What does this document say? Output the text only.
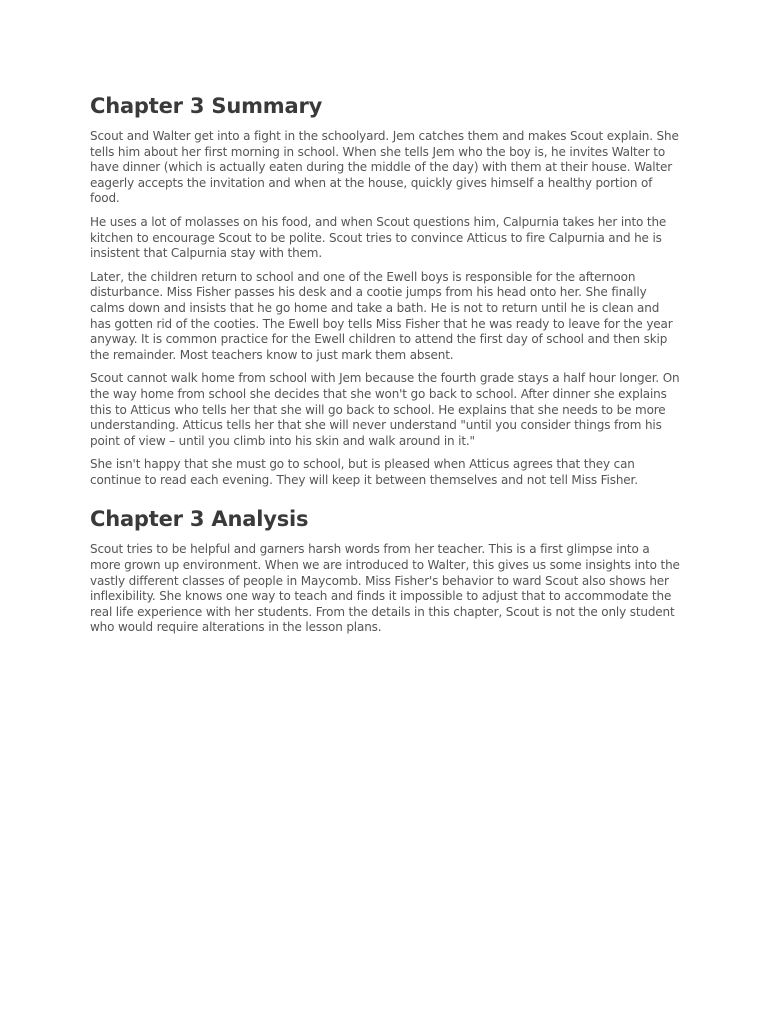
Chapter 3 Summary

Scout and Walter get into a fight in the schoolyard. Jem catches them and makes Scout explain. She tells him about her first morning in school. When she tells Jem who the boy is, he invites Walter to have dinner (which is actually eaten during the middle of the day) with them at their house. Walter eagerly accepts the invitation and when at the house, quickly gives himself a healthy portion of food.

He uses a lot of molasses on his food, and when Scout questions him, Calpurnia takes her into the kitchen to encourage Scout to be polite. Scout tries to convince Atticus to fire Calpurnia and he is insistent that Calpurnia stay with them.

Later, the children return to school and one of the Ewell boys is responsible for the afternoon disturbance. Miss Fisher passes his desk and a cootie jumps from his head onto her. She finally calms down and insists that he go home and take a bath. He is not to return until he is clean and has gotten rid of the cooties. The Ewell boy tells Miss Fisher that he was ready to leave for the year anyway. It is common practice for the Ewell children to attend the first day of school and then skip the remainder. Most teachers know to just mark them absent.

Scout cannot walk home from school with Jem because the fourth grade stays a half hour longer. On the way home from school she decides that she won't go back to school. After dinner she explains this to Atticus who tells her that she will go back to school. He explains that she needs to be more understanding. Atticus tells her that she will never understand "until you consider things from his point of view – until you climb into his skin and walk around in it."

She isn't happy that she must go to school, but is pleased when Atticus agrees that they can continue to read each evening. They will keep it between themselves and not tell Miss Fisher.

Chapter 3 Analysis

Scout tries to be helpful and garners harsh words from her teacher. This is a first glimpse into a more grown up environment. When we are introduced to Walter, this gives us some insights into the vastly different classes of people in Maycomb. Miss Fisher's behavior to ward Scout also shows her inflexibility. She knows one way to teach and finds it impossible to adjust that to accommodate the real life experience with her students. From the details in this chapter, Scout is not the only student who would require alterations in the lesson plans.
